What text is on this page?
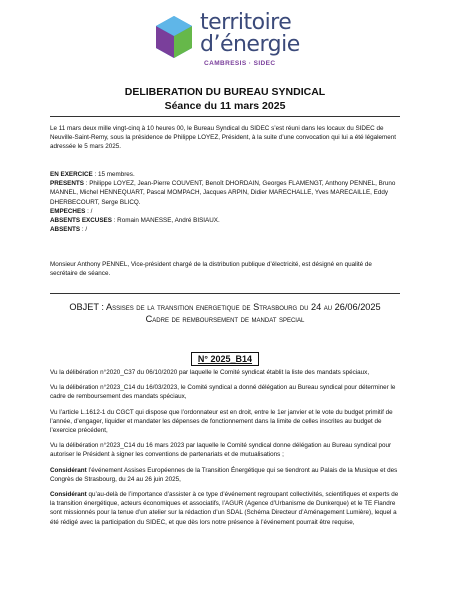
territoire
d’énergie
CAMBRESIS · SIDEC
DELIBERATION DU BUREAU SYNDICAL
Séance du 11 mars 2025

Le 11 mars deux mille vingt-cinq à 10 heures 00, le Bureau Syndical du SIDEC s’est réuni dans les locaux du SIDEC de Neuville-Saint-Remy, sous la présidence de Philippe LOYEZ, Président, à la suite d’une convocation qui lui a été légalement adressée le 5 mars 2025.

EN EXERCICE : 15 membres.

PRESENTS : Philippe LOYEZ, Jean-Pierre COUVENT, Benoît DHORDAIN, Georges FLAMENGT, Anthony PENNEL, Bruno MANNEL, Michel HENNEQUART, Pascal MOMPACH, Jacques ARPIN, Didier MARECHALLE, Yves MARECAILLE, Eddy DHERBECOURT, Serge BLICQ.

EMPECHES : /

ABSENTS EXCUSES : Romain MANESSE, André BISIAUX.

ABSENTS : /

Monsieur Anthony PENNEL, Vice-président chargé de la distribution publique d’électricité, est désigné en qualité de secrétaire de séance.

OBJET : Assises de la transition energetique de Strasbourg du 24 au 26/06/2025
Cadre de remboursement de mandat special
N° 2025_B14

Vu la délibération n°2020_C37 du 06/10/2020 par laquelle le Comité syndicat établit la liste des mandats spéciaux,

Vu la délibération n°2023_C14 du 16/03/2023, le Comité syndical a donné délégation au Bureau syndical pour déterminer le cadre de remboursement des mandats spéciaux,

Vu l’article L.1612-1 du CGCT qui dispose que l’ordonnateur est en droit, entre le 1er janvier et le vote du budget primitif de l’année, d’engager, liquider et mandater les dépenses de fonctionnement dans la limite de celles inscrites au budget de l’exercice précédent,

Vu la délibération n°2023_C14 du 16 mars 2023 par laquelle le Comité syndical donne délégation au Bureau syndical pour autoriser le Président à signer les conventions de partenariats et de mutualisations ;

Considérant l’événement Assises Européennes de la Transition Énergétique qui se tiendront au Palais de la Musique et des Congrès de Strasbourg, du 24 au 26 juin 2025,

Considérant qu’au-delà de l’importance d’assister à ce type d’événement regroupant collectivités, scientifiques et experts de la transition énergétique, acteurs économiques et associatifs, l’AGUR (Agence d’Urbanisme de Dunkerque) et le TE Flandre sont missionnés pour la tenue d’un atelier sur la rédaction d’un SDAL (Schéma Directeur d’Aménagement Lumière), lequel a été rédigé avec la participation du SIDEC, et que dès lors notre présence à l’événement pourrait être requise,
